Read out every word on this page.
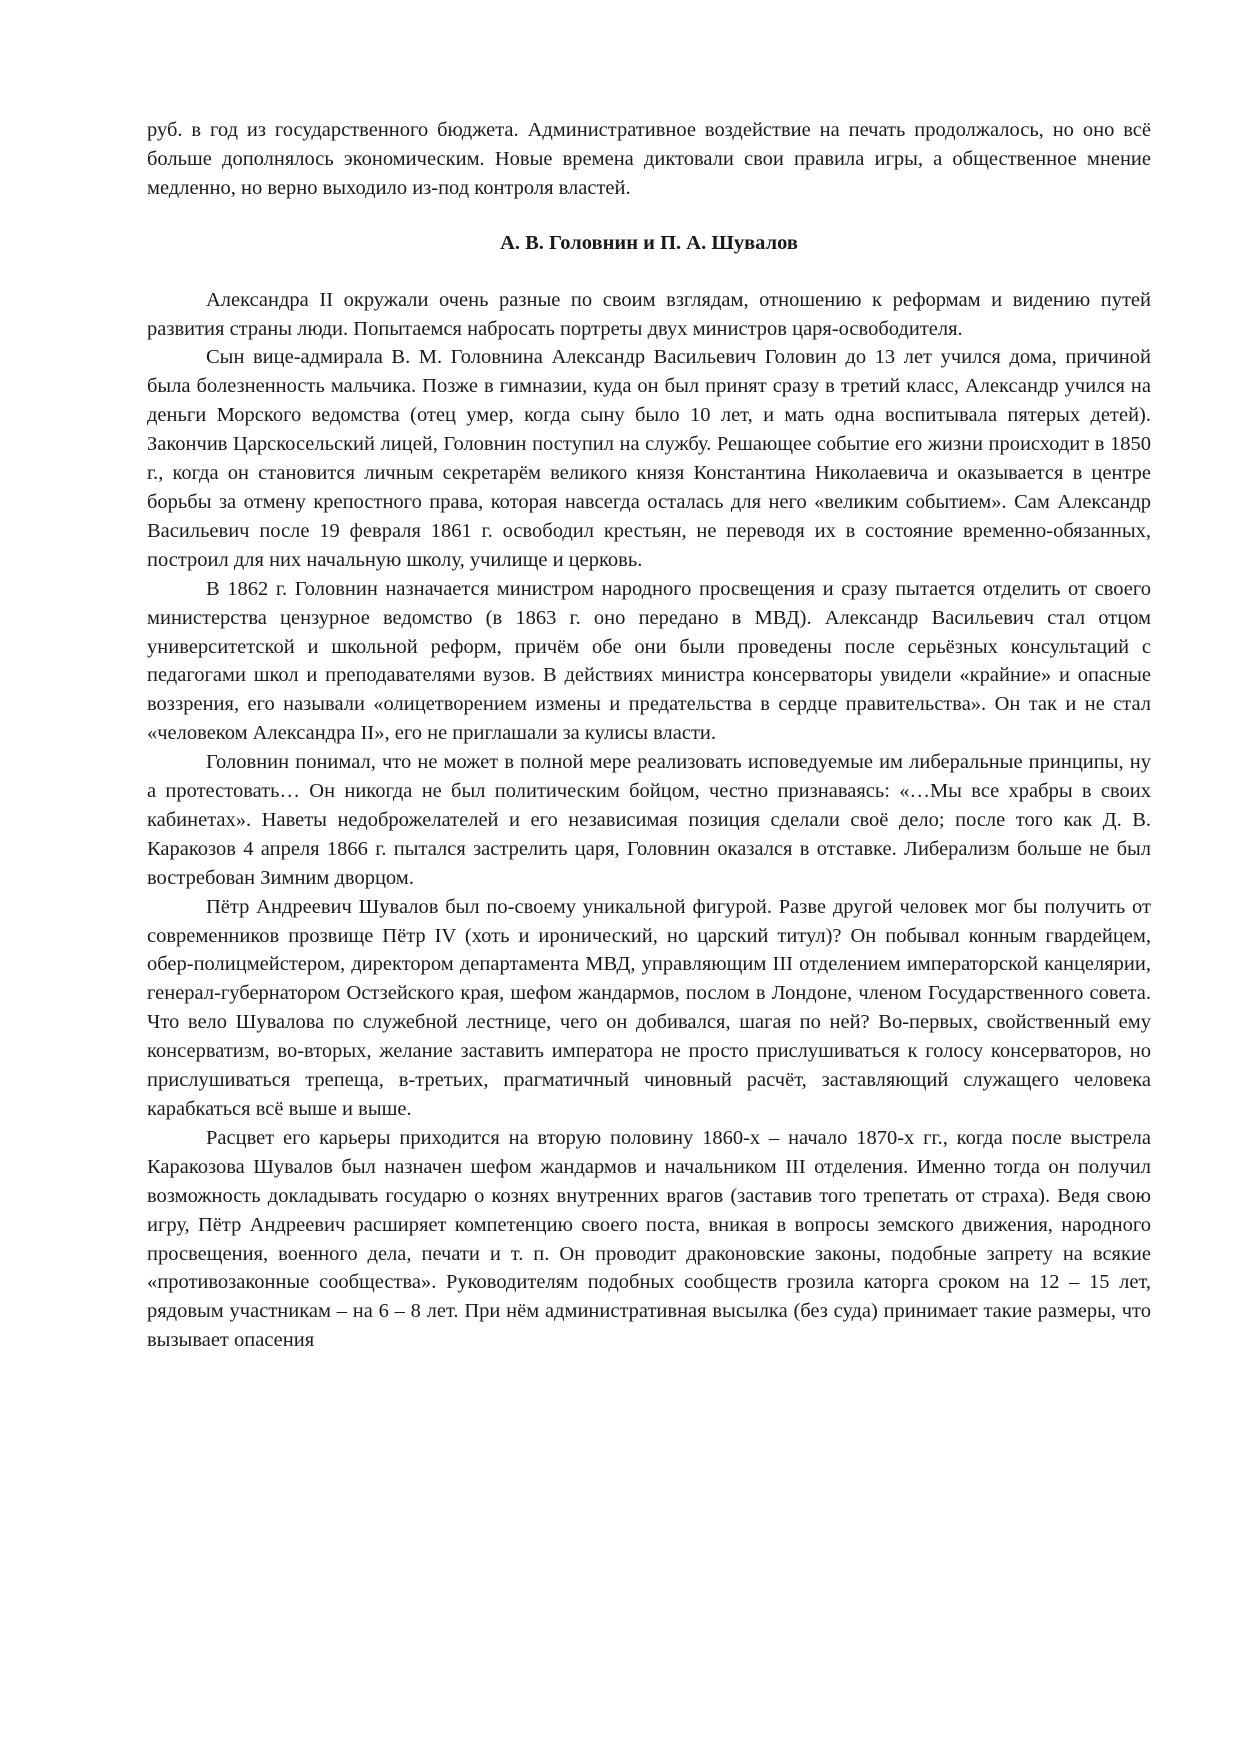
руб. в год из государственного бюджета. Административное воздействие на печать продолжалось, но оно всё больше дополнялось экономическим. Новые времена диктовали свои правила игры, а общественное мнение медленно, но верно выходило из-под контроля властей.

А. В. Головнин и П. А. Шувалов

Александра II окружали очень разные по своим взглядам, отношению к реформам и видению путей развития страны люди. Попытаемся набросать портреты двух министров царя-освободителя.

Сын вице-адмирала В. М. Головнина Александр Васильевич Головин до 13 лет учился дома, причиной была болезненность мальчика. Позже в гимназии, куда он был принят сразу в третий класс, Александр учился на деньги Морского ведомства (отец умер, когда сыну было 10 лет, и мать одна воспитывала пятерых детей). Закончив Царскосельский лицей, Головнин поступил на службу. Решающее событие его жизни происходит в 1850 г., когда он становится личным секретарём великого князя Константина Николаевича и оказывается в центре борьбы за отмену крепостного права, которая навсегда осталась для него «великим событием». Сам Александр Васильевич после 19 февраля 1861 г. освободил крестьян, не переводя их в состояние временно-обязанных, построил для них начальную школу, училище и церковь.

В 1862 г. Головнин назначается министром народного просвещения и сразу пытается отделить от своего министерства цензурное ведомство (в 1863 г. оно передано в МВД). Александр Васильевич стал отцом университетской и школьной реформ, причём обе они были проведены после серьёзных консультаций с педагогами школ и преподавателями вузов. В действиях министра консерваторы увидели «крайние» и опасные воззрения, его называли «олицетворением измены и предательства в сердце правительства». Он так и не стал «человеком Александра II», его не приглашали за кулисы власти.

Головнин понимал, что не может в полной мере реализовать исповедуемые им либеральные принципы, ну а протестовать… Он никогда не был политическим бойцом, честно признаваясь: «…Мы все храбры в своих кабинетах». Наветы недоброжелателей и его независимая позиция сделали своё дело; после того как Д. В. Каракозов 4 апреля 1866 г. пытался застрелить царя, Головнин оказался в отставке. Либерализм больше не был востребован Зимним дворцом.

Пётр Андреевич Шувалов был по-своему уникальной фигурой. Разве другой человек мог бы получить от современников прозвище Пётр IV (хоть и иронический, но царский титул)? Он побывал конным гвардейцем, обер-полицмейстером, директором департамента МВД, управляющим III отделением императорской канцелярии, генерал-губернатором Остзейского края, шефом жандармов, послом в Лондоне, членом Государственного совета. Что вело Шувалова по служебной лестнице, чего он добивался, шагая по ней? Во-первых, свойственный ему консерватизм, во-вторых, желание заставить императора не просто прислушиваться к голосу консерваторов, но прислушиваться трепеща, в-третьих, прагматичный чиновный расчёт, заставляющий служащего человека карабкаться всё выше и выше.

Расцвет его карьеры приходится на вторую половину 1860-х – начало 1870-х гг., когда после выстрела Каракозова Шувалов был назначен шефом жандармов и начальником III отделения. Именно тогда он получил возможность докладывать государю о кознях внутренних врагов (заставив того трепетать от страха). Ведя свою игру, Пётр Андреевич расширяет компетенцию своего поста, вникая в вопросы земского движения, народного просвещения, военного дела, печати и т. п. Он проводит драконовские законы, подобные запрету на всякие «противозаконные сообщества». Руководителям подобных сообществ грозила каторга сроком на 12 – 15 лет, рядовым участникам – на 6 – 8 лет. При нём административная высылка (без суда) принимает такие размеры, что вызывает опасения
